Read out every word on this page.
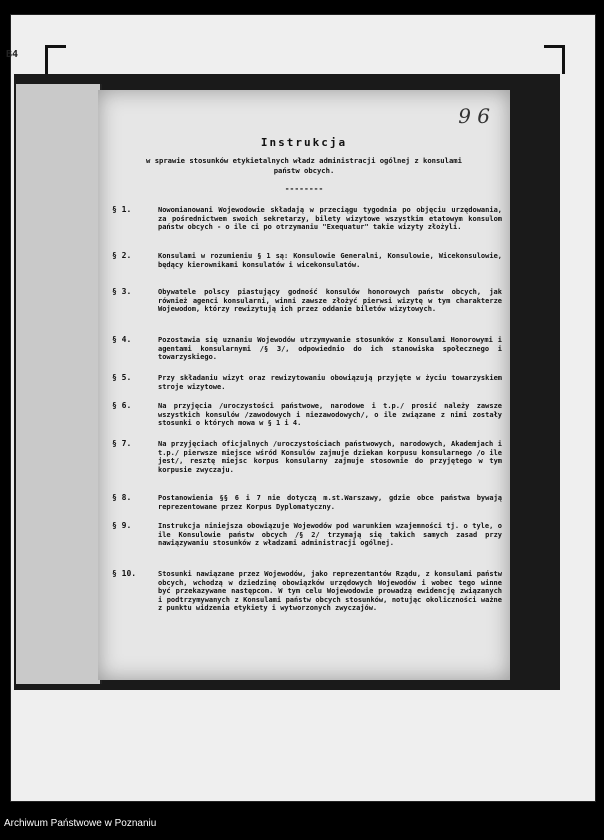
B4
9 6
Instrukcja
w sprawie stosunków etykietalnych władz administracji ogólnej z konsulami państw obcych.
--------
§ 1.	Nowomianowani Wojewodowie składają w przeciągu tygodnia po objęciu urzędowania, za pośrednictwem swoich sekretarzy, bilety wizytowe wszystkim etatowym konsulom państw obcych - o ile ci po otrzymaniu "Exequatur" takie wizyty złożyli.
§ 2.	Konsulami w rozumieniu § 1 są: Konsulowie Generalni, Konsulowie, Wicekonsulowie, będący kierownikami konsulatów i wicekonsulatów.
§ 3.	Obywatele polscy piastujący godność konsulów honorowych państw obcych, jak również agenci konsularni, winni zawsze złożyć pierwsi wizytę w tym charakterze Wojewodom, którzy rewizytują ich przez oddanie biletów wizytowych.
§ 4.	Pozostawia się uznaniu Wojewodów utrzymywanie stosunków z Konsulami Honorowymi i agentami konsularnymi /§ 3/, odpowiednio do ich stanowiska społecznego i towarzyskiego.
§ 5.	Przy składaniu wizyt oraz rewizytowaniu obowiązują przyjęte w życiu towarzyskiem stroje wizytowe.
§ 6.	Na przyjęcia /uroczystości państwowe, narodowe i t.p./ prosić należy zawsze wszystkich konsulów /zawodowych i niezawodowych/, o ile związane z nimi zostały stosunki o których mowa w § 1 i 4.
§ 7.	Na przyjęciach oficjalnych /uroczystościach państwowych, narodowych, Akademjach i t.p./ pierwsze miejsce wśród Konsulów zajmuje dziekan korpusu konsularnego /o ile jest/, resztę miejsc korpus konsularny zajmuje stosownie do przyjętego w tym korpusie zwyczaju.
§ 8.	Postanowienia §§ 6 i 7 nie dotyczą m.st.Warszawy, gdzie obce państwa bywają reprezentowane przez Korpus Dyplomatyczny.
§ 9.	Instrukcja niniejsza obowiązuje Wojewodów pod warunkiem wzajemności tj. o tyle, o ile Konsulowie państw obcych /§ 2/ trzymają się takich samych zasad przy nawiązywaniu stosunków z władzami administracji ogólnej.
§ 10.	Stosunki nawiązane przez Wojewodów, jako reprezentantów Rządu, z konsulami państw obcych, wchodzą w dziedzinę obowiązków urzędowych Wojewodów i wobec tego winne być przekazywane następcom. W tym celu Wojewodowie prowadzą ewidencję związanych i podtrzymywanych z Konsulami państw obcych stosunków, notując okoliczności ważne z punktu widzenia etykiety i wytworzonych zwyczajów.
Archiwum Państwowe w Poznaniu
